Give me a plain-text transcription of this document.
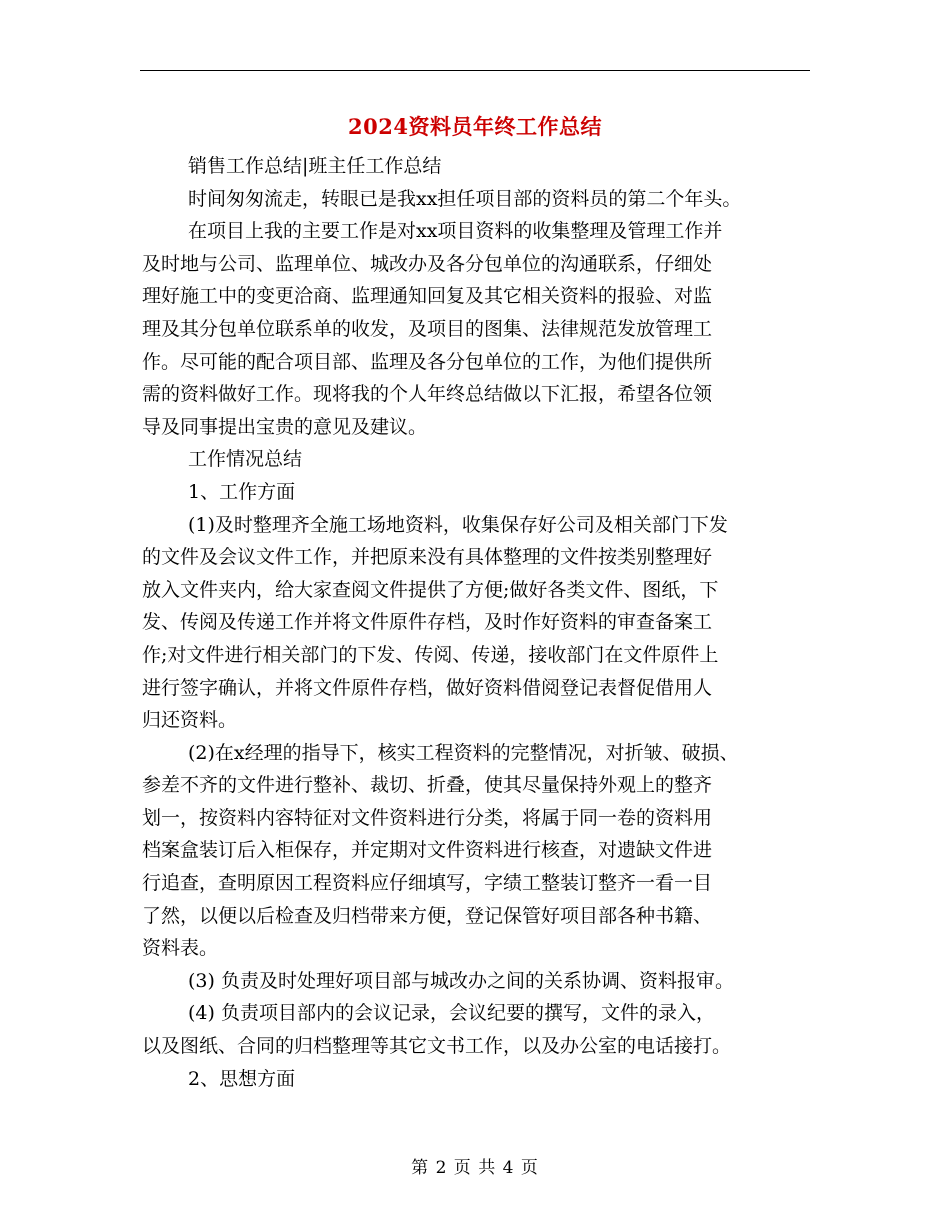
2024资料员年终工作总结

销售工作总结|班主任工作总结

时间匆匆流走，转眼已是我xx担任项目部的资料员的第二个年头。

在项目上我的主要工作是对xx项目资料的收集整理及管理工作并

及时地与公司、监理单位、城改办及各分包单位的沟通联系，仔细处

理好施工中的变更洽商、监理通知回复及其它相关资料的报验、对监

理及其分包单位联系单的收发，及项目的图集、法律规范发放管理工

作。尽可能的配合项目部、监理及各分包单位的工作，为他们提供所

需的资料做好工作。现将我的个人年终总结做以下汇报，希望各位领

导及同事提出宝贵的意见及建议。

工作情况总结

1、工作方面

(1)及时整理齐全施工场地资料，收集保存好公司及相关部门下发

的文件及会议文件工作，并把原来没有具体整理的文件按类别整理好

放入文件夹内，给大家查阅文件提供了方便;做好各类文件、图纸，下

发、传阅及传递工作并将文件原件存档，及时作好资料的审查备案工

作;对文件进行相关部门的下发、传阅、传递，接收部门在文件原件上

进行签字确认，并将文件原件存档，做好资料借阅登记表督促借用人

归还资料。

(2)在x经理的指导下，核实工程资料的完整情况，对折皱、破损、

参差不齐的文件进行整补、裁切、折叠，使其尽量保持外观上的整齐

划一，按资料内容特征对文件资料进行分类，将属于同一卷的资料用

档案盒装订后入柜保存，并定期对文件资料进行核查，对遗缺文件进

行追查，查明原因工程资料应仔细填写，字绩工整装订整齐一看一目

了然，以便以后检查及归档带来方便，登记保管好项目部各种书籍、

资料表。

(3) 负责及时处理好项目部与城改办之间的关系协调、资料报审。

(4) 负责项目部内的会议记录，会议纪要的撰写，文件的录入，

以及图纸、合同的归档整理等其它文书工作，以及办公室的电话接打。

2、思想方面

第 2 页 共 4 页
